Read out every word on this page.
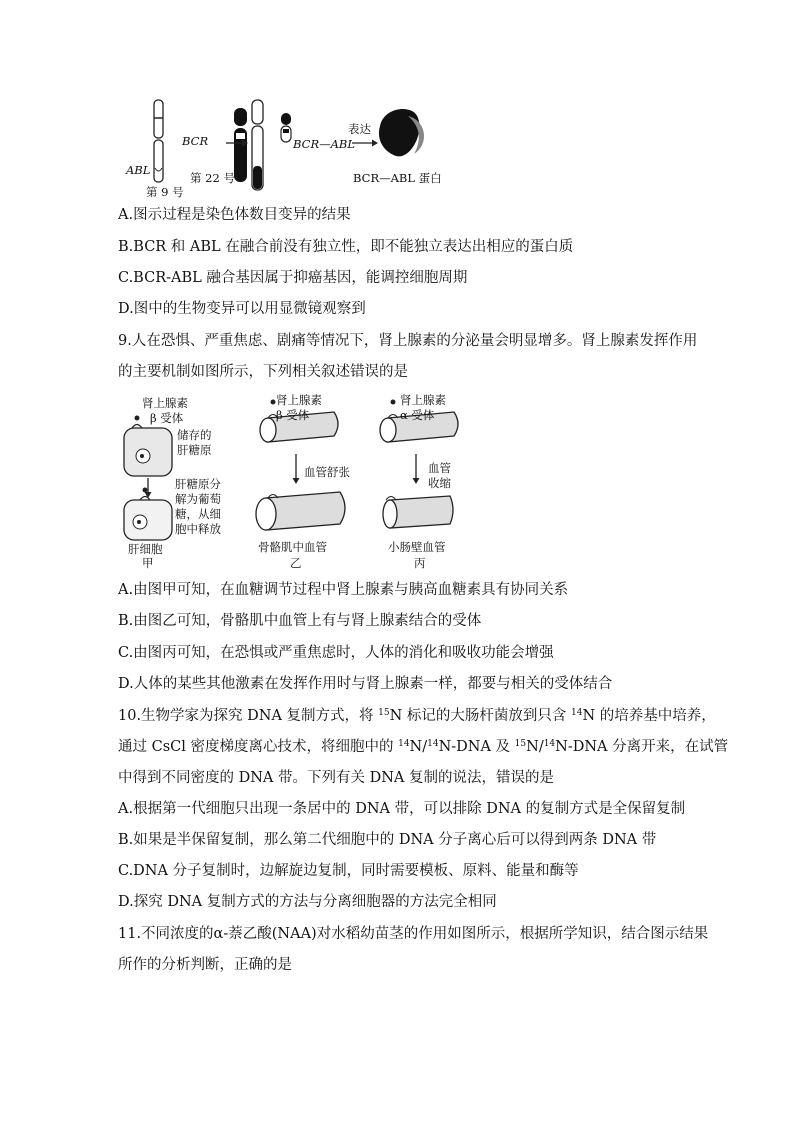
ABL
第 9 号
BCR
第 22 号
BCR—ABL
表达
BCR—ABL 蛋白
A.图示过程是染色体数目变异的结果
B.BCR 和 ABL 在融合前没有独立性，即不能独立表达出相应的蛋白质
C.BCR-ABL 融合基因属于抑癌基因，能调控细胞周期
D.图中的生物变异可以用显微镜观察到
9.人在恐惧、严重焦虑、剧痛等情况下，肾上腺素的分泌量会明显增多。肾上腺素发挥作用
的主要机制如图所示，下列相关叙述错误的是
肾上腺素
β 受体
储存的
肝糖原
肝糖原分
解为葡萄
糖，从细
胞中释放
肝细胞
甲
肾上腺素
β 受体
血管舒张
骨骼肌中血管
乙
肾上腺素
α 受体
血管
收缩
小肠壁血管
丙
A.由图甲可知，在血糖调节过程中肾上腺素与胰高血糖素具有协同关系
B.由图乙可知，骨骼肌中血管上有与肾上腺素结合的受体
C.由图丙可知，在恐惧或严重焦虑时，人体的消化和吸收功能会增强
D.人体的某些其他激素在发挥作用时与肾上腺素一样，都要与相关的受体结合
10.生物学家为探究 DNA 复制方式，将 $^{15}$N 标记的大肠杆菌放到只含 $^{14}$N 的培养基中培养，
通过 CsCl 密度梯度离心技术，将细胞中的 $^{14}$N/$^{14}$N-DNA 及 $^{15}$N/$^{14}$N-DNA 分离开来，在试管
中得到不同密度的 DNA 带。下列有关 DNA 复制的说法，错误的是
A.根据第一代细胞只出现一条居中的 DNA 带，可以排除 DNA 的复制方式是全保留复制
B.如果是半保留复制，那么第二代细胞中的 DNA 分子离心后可以得到两条 DNA 带
C.DNA 分子复制时，边解旋边复制，同时需要模板、原料、能量和酶等
D.探究 DNA 复制方式的方法与分离细胞器的方法完全相同
11.不同浓度的α-萘乙酸(NAA)对水稻幼苗茎的作用如图所示，根据所学知识，结合图示结果
所作的分析判断，正确的是
